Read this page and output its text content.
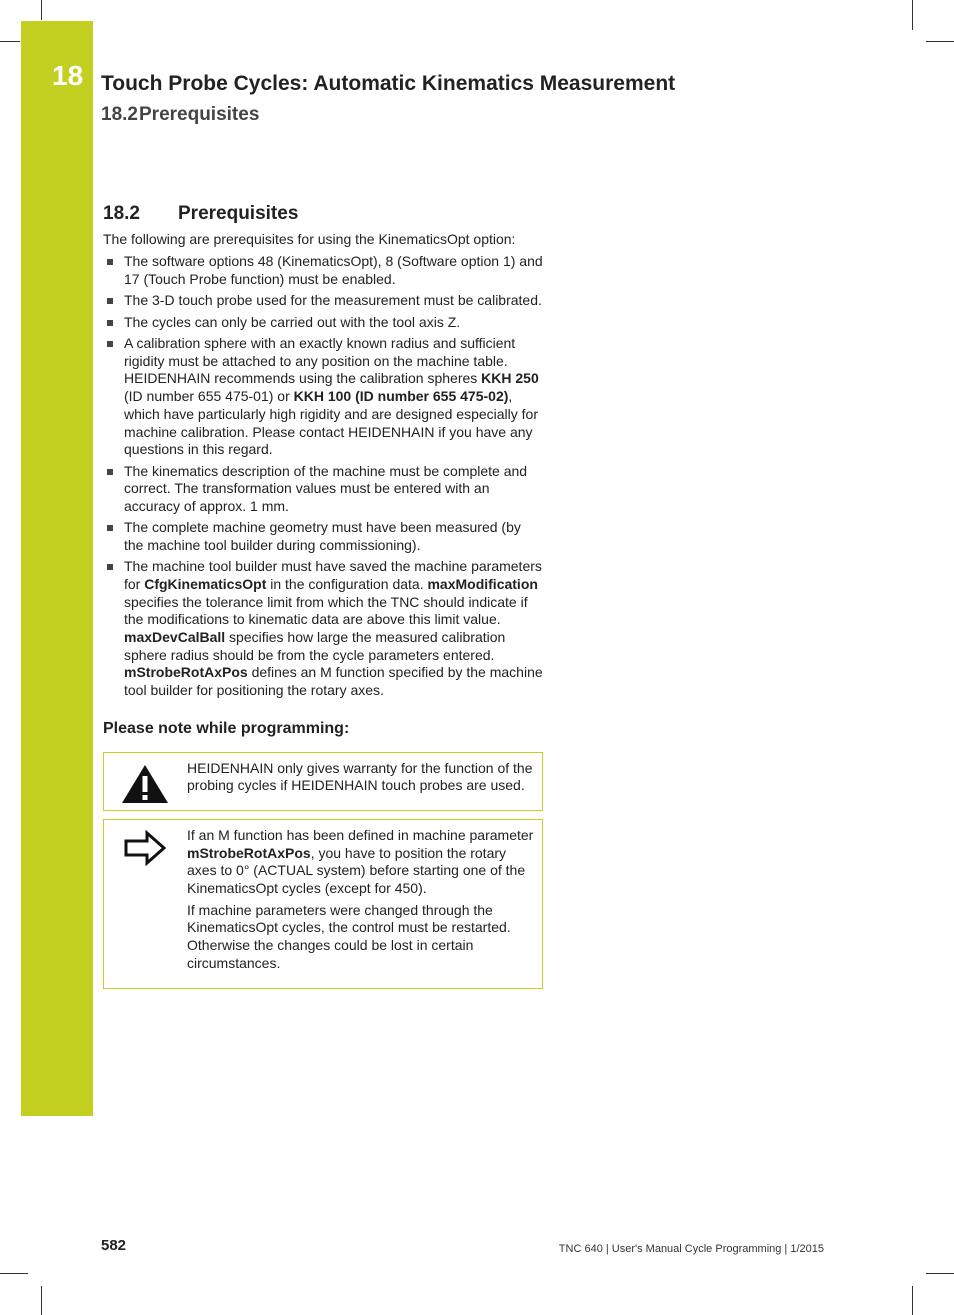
18 Touch Probe Cycles: Automatic Kinematics Measurement
18.2Prerequisites
18.2 Prerequisites

The following are prerequisites for using the KinematicsOpt option:

The software options 48 (KinematicsOpt), 8 (Software option 1) and 17 (Touch Probe function) must be enabled.
The 3-D touch probe used for the measurement must be calibrated.
The cycles can only be carried out with the tool axis Z.
A calibration sphere with an exactly known radius and sufficient rigidity must be attached to any position on the machine table. HEIDENHAIN recommends using the calibration spheres KKH 250 (ID number 655 475-01) or KKH 100 (ID number 655 475-02), which have particularly high rigidity and are designed especially for machine calibration. Please contact HEIDENHAIN if you have any questions in this regard.
The kinematics description of the machine must be complete and correct. The transformation values must be entered with an accuracy of approx. 1 mm.
The complete machine geometry must have been measured (by the machine tool builder during commissioning).
The machine tool builder must have saved the machine parameters for CfgKinematicsOpt in the configuration data. maxModification specifies the tolerance limit from which the TNC should indicate if the modifications to kinematic data are above this limit value. maxDevCalBall specifies how large the measured calibration sphere radius should be from the cycle parameters entered. mStrobeRotAxPos defines an M function specified by the machine tool builder for positioning the rotary axes.
Please note while programming:

HEIDENHAIN only gives warranty for the function of the probing cycles if HEIDENHAIN touch probes are used.

If an M function has been defined in machine parameter mStrobeRotAxPos, you have to position the rotary axes to 0° (ACTUAL system) before starting one of the KinematicsOpt cycles (except for 450).

If machine parameters were changed through the KinematicsOpt cycles, the control must be restarted. Otherwise the changes could be lost in certain circumstances.

582	TNC 640 | User's Manual Cycle Programming | 1/2015
